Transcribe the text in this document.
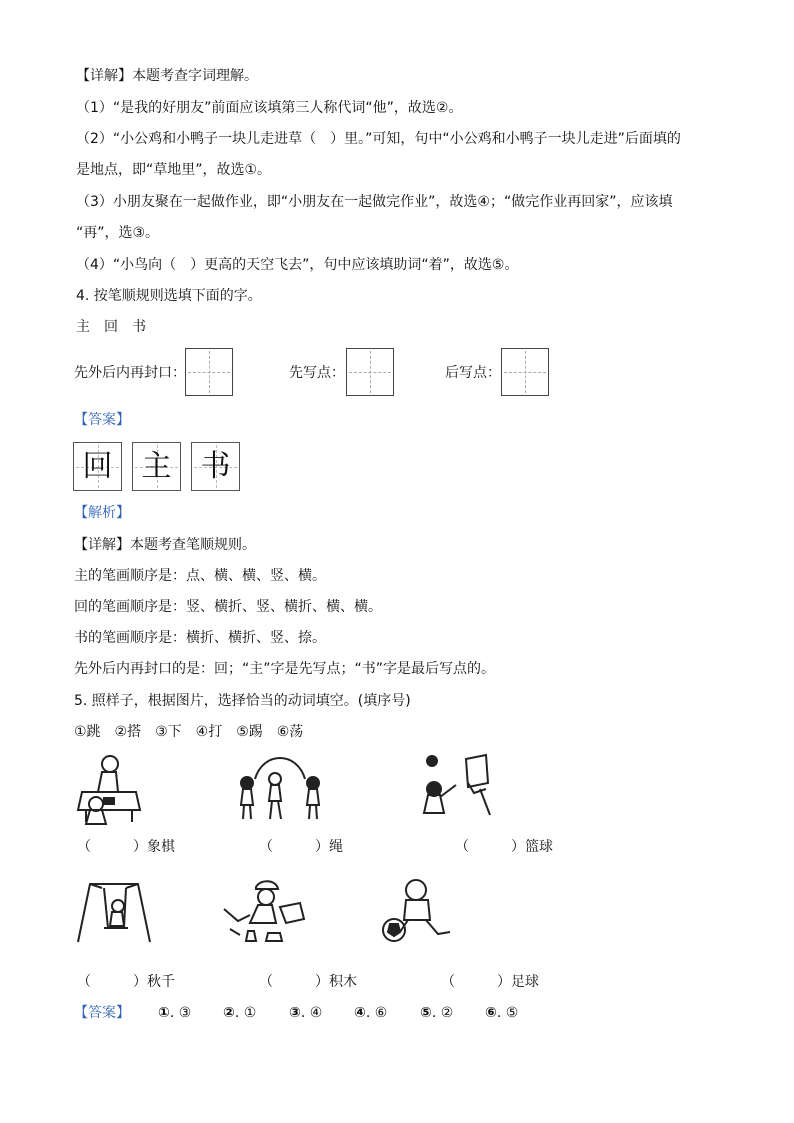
【详解】本题考查字词理解。
（1）“是我的好朋友”前面应该填第三人称代词“他”，故选②。
（2）“小公鸡和小鸭子一块儿走进草（　）里。”可知，句中“小公鸡和小鸭子一块儿走进”后面填的
是地点，即“草地里”，故选①。
（3）小朋友聚在一起做作业，即“小朋友在一起做完作业”，故选④；“做完作业再回家”，应该填
“再”，选③。
（4）“小鸟向（　）更高的天空飞去”，句中应该填助词“着”，故选⑤。
4. 按笔顺规则选填下面的字。
主　回　书
先外后内再封口：	先写点：	后写点：
【答案】
回 主 书
【解析】
【详解】本题考查笔顺规则。
主的笔画顺序是：点、横、横、竖、横。
回的笔画顺序是：竖、横折、竖、横折、横、横。
书的笔画顺序是：横折、横折、竖、捺。
先外后内再封口的是：回；“主”字是先写点；“书”字是最后写点的。
5. 照样子，根据图片，选择恰当的动词填空。(填序号)
①跳　②搭　③下　④打　⑤踢　⑥荡
（　　　）象棋	（　　　）绳	（　　　）篮球
（　　　）秋千	（　　　）积木	（　　　）足球
【答案】 ①. ③ ②. ① ③. ④ ④. ⑥ ⑤. ② ⑥. ⑤
